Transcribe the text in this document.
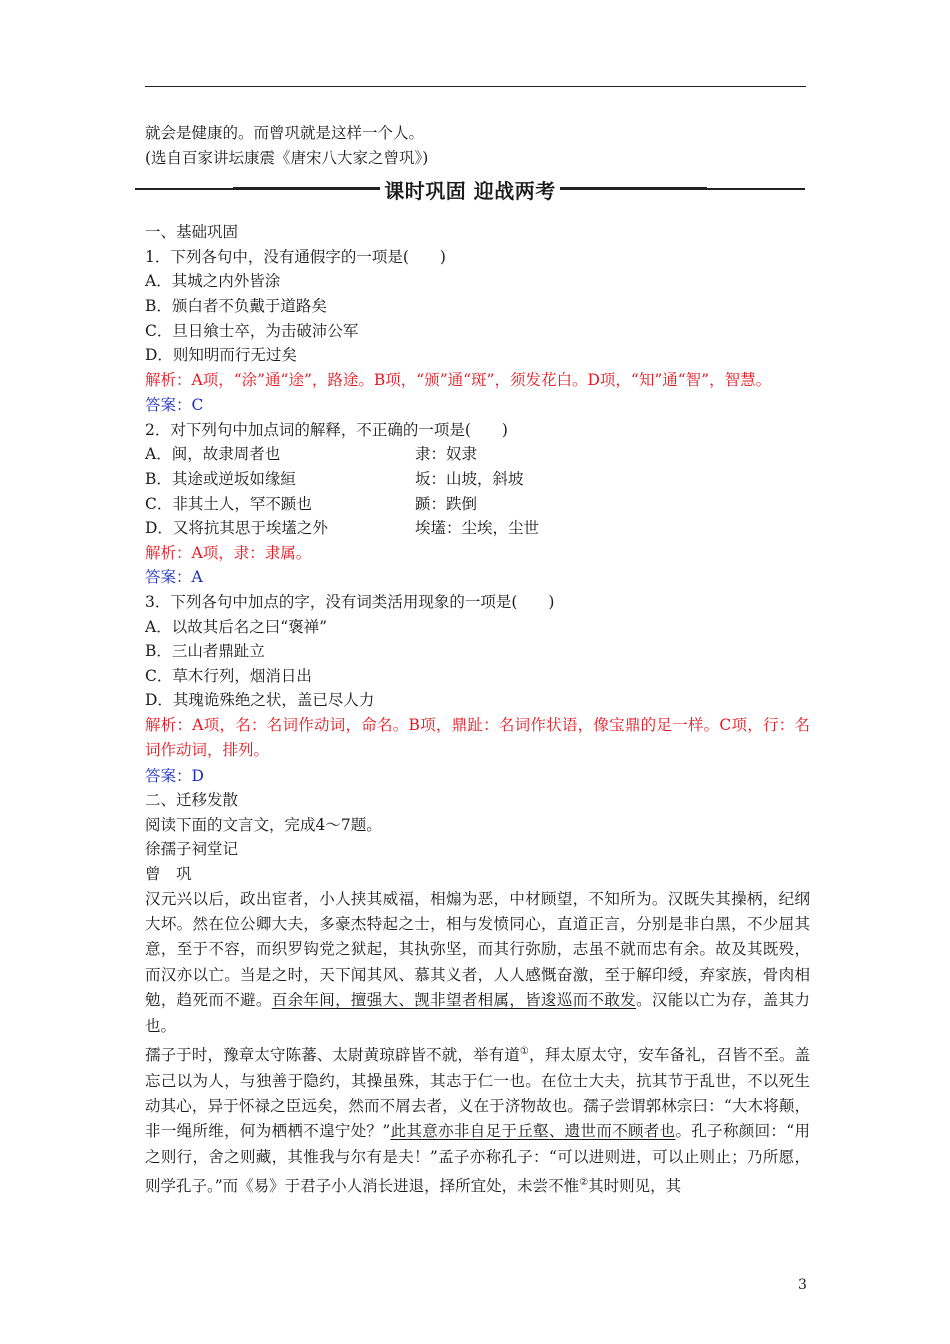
就会是健康的。而曾巩就是这样一个人。
(选自百家讲坛康震《唐宋八大家之曾巩》)
课时巩固 迎战两考
一、基础巩固
1．下列各句中，没有通假字的一项是(　　)
A．其城之内外皆涂
B．颁白者不负戴于道路矣
C．旦日飨士卒，为击破沛公军
D．则知明而行无过矣
解析：A项，“涂”通“途”，路途。B项，“颁”通“斑”，须发花白。D项，“知”通“智”，智慧。
答案：C
2．对下列句中加点词的解释，不正确的一项是(　　)
A．闽，故隶周者也	隶：奴隶
B．其途或逆坂如缘絙	坂：山坡，斜坡
C．非其土人，罕不踬也	踬：跌倒
D．又将抗其思于埃壒之外	埃壒：尘埃，尘世
解析：A项，隶：隶属。
答案：A
3．下列各句中加点的字，没有词类活用现象的一项是(　　)
A．以故其后名之曰“褒禅”
B．三山者鼎趾立
C．草木行列，烟消日出
D．其瑰诡殊绝之状，盖已尽人力
解析：A项，名：名词作动词，命名。B项，鼎趾：名词作状语，像宝鼎的足一样。C项，行：名词作动词，排列。
答案：D
二、迁移发散
阅读下面的文言文，完成4～7题。
徐孺子祠堂记
曾　巩
汉元兴以后，政出宦者，小人挟其威福，相煽为恶，中材顾望，不知所为。汉既失其操柄，纪纲大坏。然在位公卿大夫，多豪杰特起之士，相与发愤同心，直道正言，分别是非白黑，不少屈其意，至于不容，而织罗钩党之狱起，其执弥坚，而其行弥励，志虽不就而忠有余。故及其既殁，而汉亦以亡。当是之时，天下闻其风、慕其义者，人人感慨奋激，至于解印绶，弃家族，骨肉相勉，趋死而不避。百余年间，擅强大、觊非望者相属，皆逡巡而不敢发。汉能以亡为存，盖其力也。
孺子于时，豫章太守陈蕃、太尉黄琼辟皆不就，举有道①，拜太原太守，安车备礼，召皆不至。盖忘己以为人，与独善于隐约，其操虽殊，其志于仁一也。在位士大夫，抗其节于乱世，不以死生动其心，异于怀禄之臣远矣，然而不屑去者，义在于济物故也。孺子尝谓郭林宗曰：“大木将颠，非一绳所维，何为栖栖不遑宁处？”此其意亦非自足于丘壑、遗世而不顾者也。孔子称颜回：“用之则行，舍之则藏，其惟我与尔有是夫！”孟子亦称孔子：“可以进则进，可以止则止；乃所愿，则学孔子。”而《易》于君子小人消长进退，择所宜处，未尝不惟②其时则见，其
3
